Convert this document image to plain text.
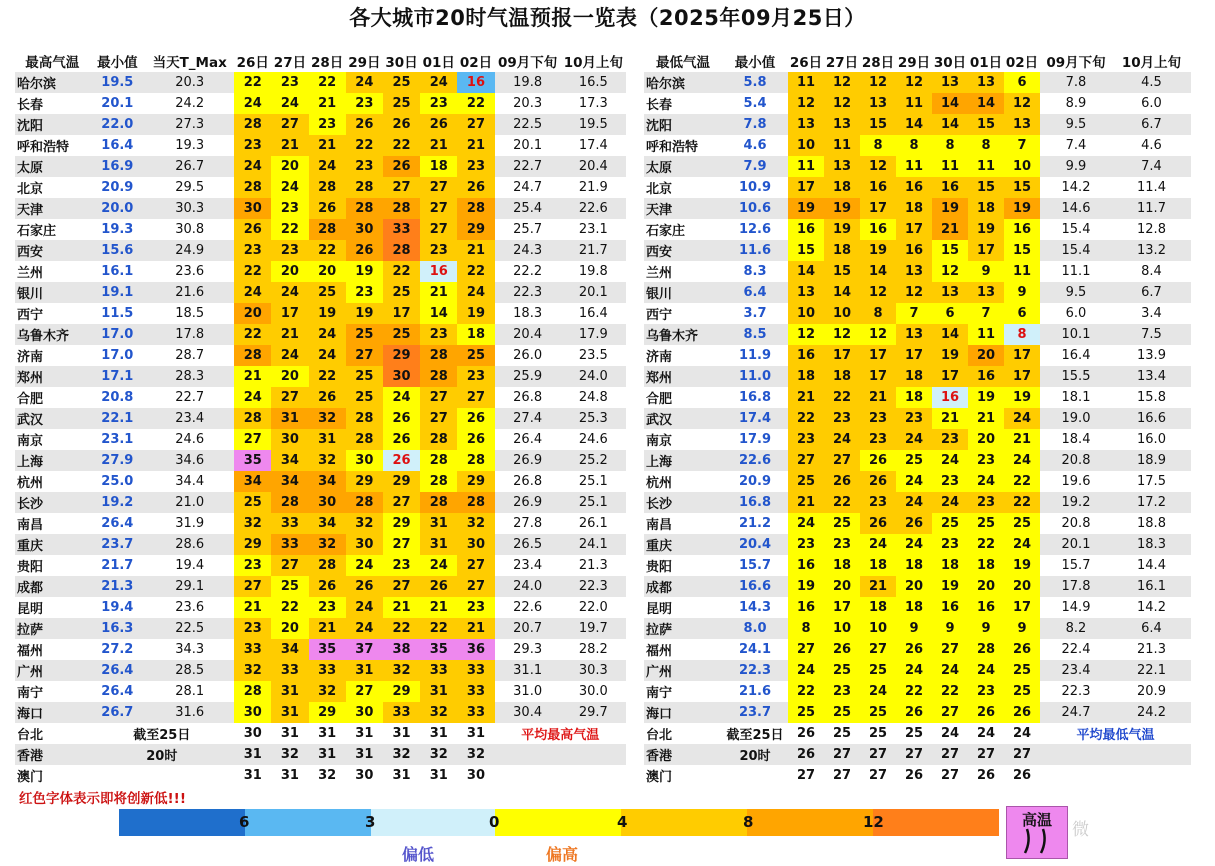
各大城市20时气温预报一览表（2025年09月25日）
最高气温	最小值	当天T_Max	26日	27日	28日	29日	30日	01日	02日	09月下旬	10月上旬
哈尔滨	19.5	20.3	22	23	22	24	25	24	16	19.8	16.5
长春	20.1	24.2	24	24	21	23	25	23	22	20.3	17.3
沈阳	22.0	27.3	28	27	23	26	26	26	27	22.5	19.5
呼和浩特	16.4	19.3	23	21	21	22	22	21	21	20.1	17.4
太原	16.9	26.7	24	20	24	23	26	18	23	22.7	20.4
北京	20.9	29.5	28	24	28	28	27	27	26	24.7	21.9
天津	20.0	30.3	30	23	26	28	28	27	28	25.4	22.6
石家庄	19.3	30.8	26	22	28	30	33	27	29	25.7	23.1
西安	15.6	24.9	23	23	22	26	28	23	21	24.3	21.7
兰州	16.1	23.6	22	20	20	19	22	16	22	22.2	19.8
银川	19.1	21.6	24	24	25	23	25	21	24	22.3	20.1
西宁	11.5	18.5	20	17	19	19	17	14	19	18.3	16.4
乌鲁木齐	17.0	17.8	22	21	24	25	25	23	18	20.4	17.9
济南	17.0	28.7	28	24	24	27	29	28	25	26.0	23.5
郑州	17.1	28.3	21	20	22	25	30	28	23	25.9	24.0
合肥	20.8	22.7	24	27	26	25	24	27	27	26.8	24.8
武汉	22.1	23.4	28	31	32	28	26	27	26	27.4	25.3
南京	23.1	24.6	27	30	31	28	26	28	26	26.4	24.6
上海	27.9	34.6	35	34	32	30	26	28	28	26.9	25.2
杭州	25.0	34.4	34	34	34	29	29	28	29	26.8	25.1
长沙	19.2	21.0	25	28	30	28	27	28	28	26.9	25.1
南昌	26.4	31.9	32	33	34	32	29	31	32	27.8	26.1
重庆	23.7	28.6	29	33	32	30	27	31	30	26.5	24.1
贵阳	21.7	19.4	23	27	28	24	23	24	27	23.4	21.3
成都	21.3	29.1	27	25	26	26	27	26	27	24.0	22.3
昆明	19.4	23.6	21	22	23	24	21	21	23	22.6	22.0
拉萨	16.3	22.5	23	20	21	24	22	22	21	20.7	19.7
福州	27.2	34.3	33	34	35	37	38	35	36	29.3	28.2
广州	26.4	28.5	32	33	33	31	32	33	33	31.1	30.3
南宁	26.4	28.1	28	31	32	27	29	31	33	31.0	30.0
海口	26.7	31.6	30	31	29	30	33	32	33	30.4	29.7
台北	截至25日		30	31	31	31	31	31	31	平均最高气温	
香港	20时		31	32	31	31	32	32	32		
澳门			31	31	32	30	31	31	30		
最低气温	最小值	26日	27日	28日	29日	30日	01日	02日	09月下旬	10月上旬
哈尔滨	5.8	11	12	12	12	13	13	6	7.8	4.5
长春	5.4	12	12	13	11	14	14	12	8.9	6.0
沈阳	7.8	13	13	15	14	14	15	13	9.5	6.7
呼和浩特	4.6	10	11	8	8	8	8	7	7.4	4.6
太原	7.9	11	13	12	11	11	11	10	9.9	7.4
北京	10.9	17	18	16	16	16	15	15	14.2	11.4
天津	10.6	19	19	17	18	19	18	19	14.6	11.7
石家庄	12.6	16	19	16	17	21	19	16	15.4	12.8
西安	11.6	15	18	19	16	15	17	15	15.4	13.2
兰州	8.3	14	15	14	13	12	9	11	11.1	8.4
银川	6.4	13	14	12	12	13	13	9	9.5	6.7
西宁	3.7	10	10	8	7	6	7	6	6.0	3.4
乌鲁木齐	8.5	12	12	12	13	14	11	8	10.1	7.5
济南	11.9	16	17	17	17	19	20	17	16.4	13.9
郑州	11.0	18	18	17	18	17	16	17	15.5	13.4
合肥	16.8	21	22	21	18	16	19	19	18.1	15.8
武汉	17.4	22	23	23	23	21	21	24	19.0	16.6
南京	17.9	23	24	23	24	23	20	21	18.4	16.0
上海	22.6	27	27	26	25	24	23	24	20.8	18.9
杭州	20.9	25	26	26	24	23	24	22	19.6	17.5
长沙	16.8	21	22	23	24	24	23	22	19.2	17.2
南昌	21.2	24	25	26	26	25	25	25	20.8	18.8
重庆	20.4	23	23	24	24	23	22	24	20.1	18.3
贵阳	15.7	16	18	18	18	18	18	19	15.7	14.4
成都	16.6	19	20	21	20	19	20	20	17.8	16.1
昆明	14.3	16	17	18	18	16	16	17	14.9	14.2
拉萨	8.0	8	10	10	9	9	9	9	8.2	6.4
福州	24.1	27	26	27	26	27	28	26	22.4	21.3
广州	22.3	24	25	25	24	24	24	25	23.4	22.1
南宁	21.6	22	23	24	22	22	23	25	22.3	20.9
海口	23.7	25	25	25	26	27	26	26	24.7	24.2
台北	截至25日	26	25	25	25	24	24	24	平均最低气温	
香港	20时	26	27	27	27	27	27	27		
澳门		27	27	27	26	27	26	26		
红色字体表示即将创新低!!!
6	3	0	4	8	12	高温
偏低	偏高
微
